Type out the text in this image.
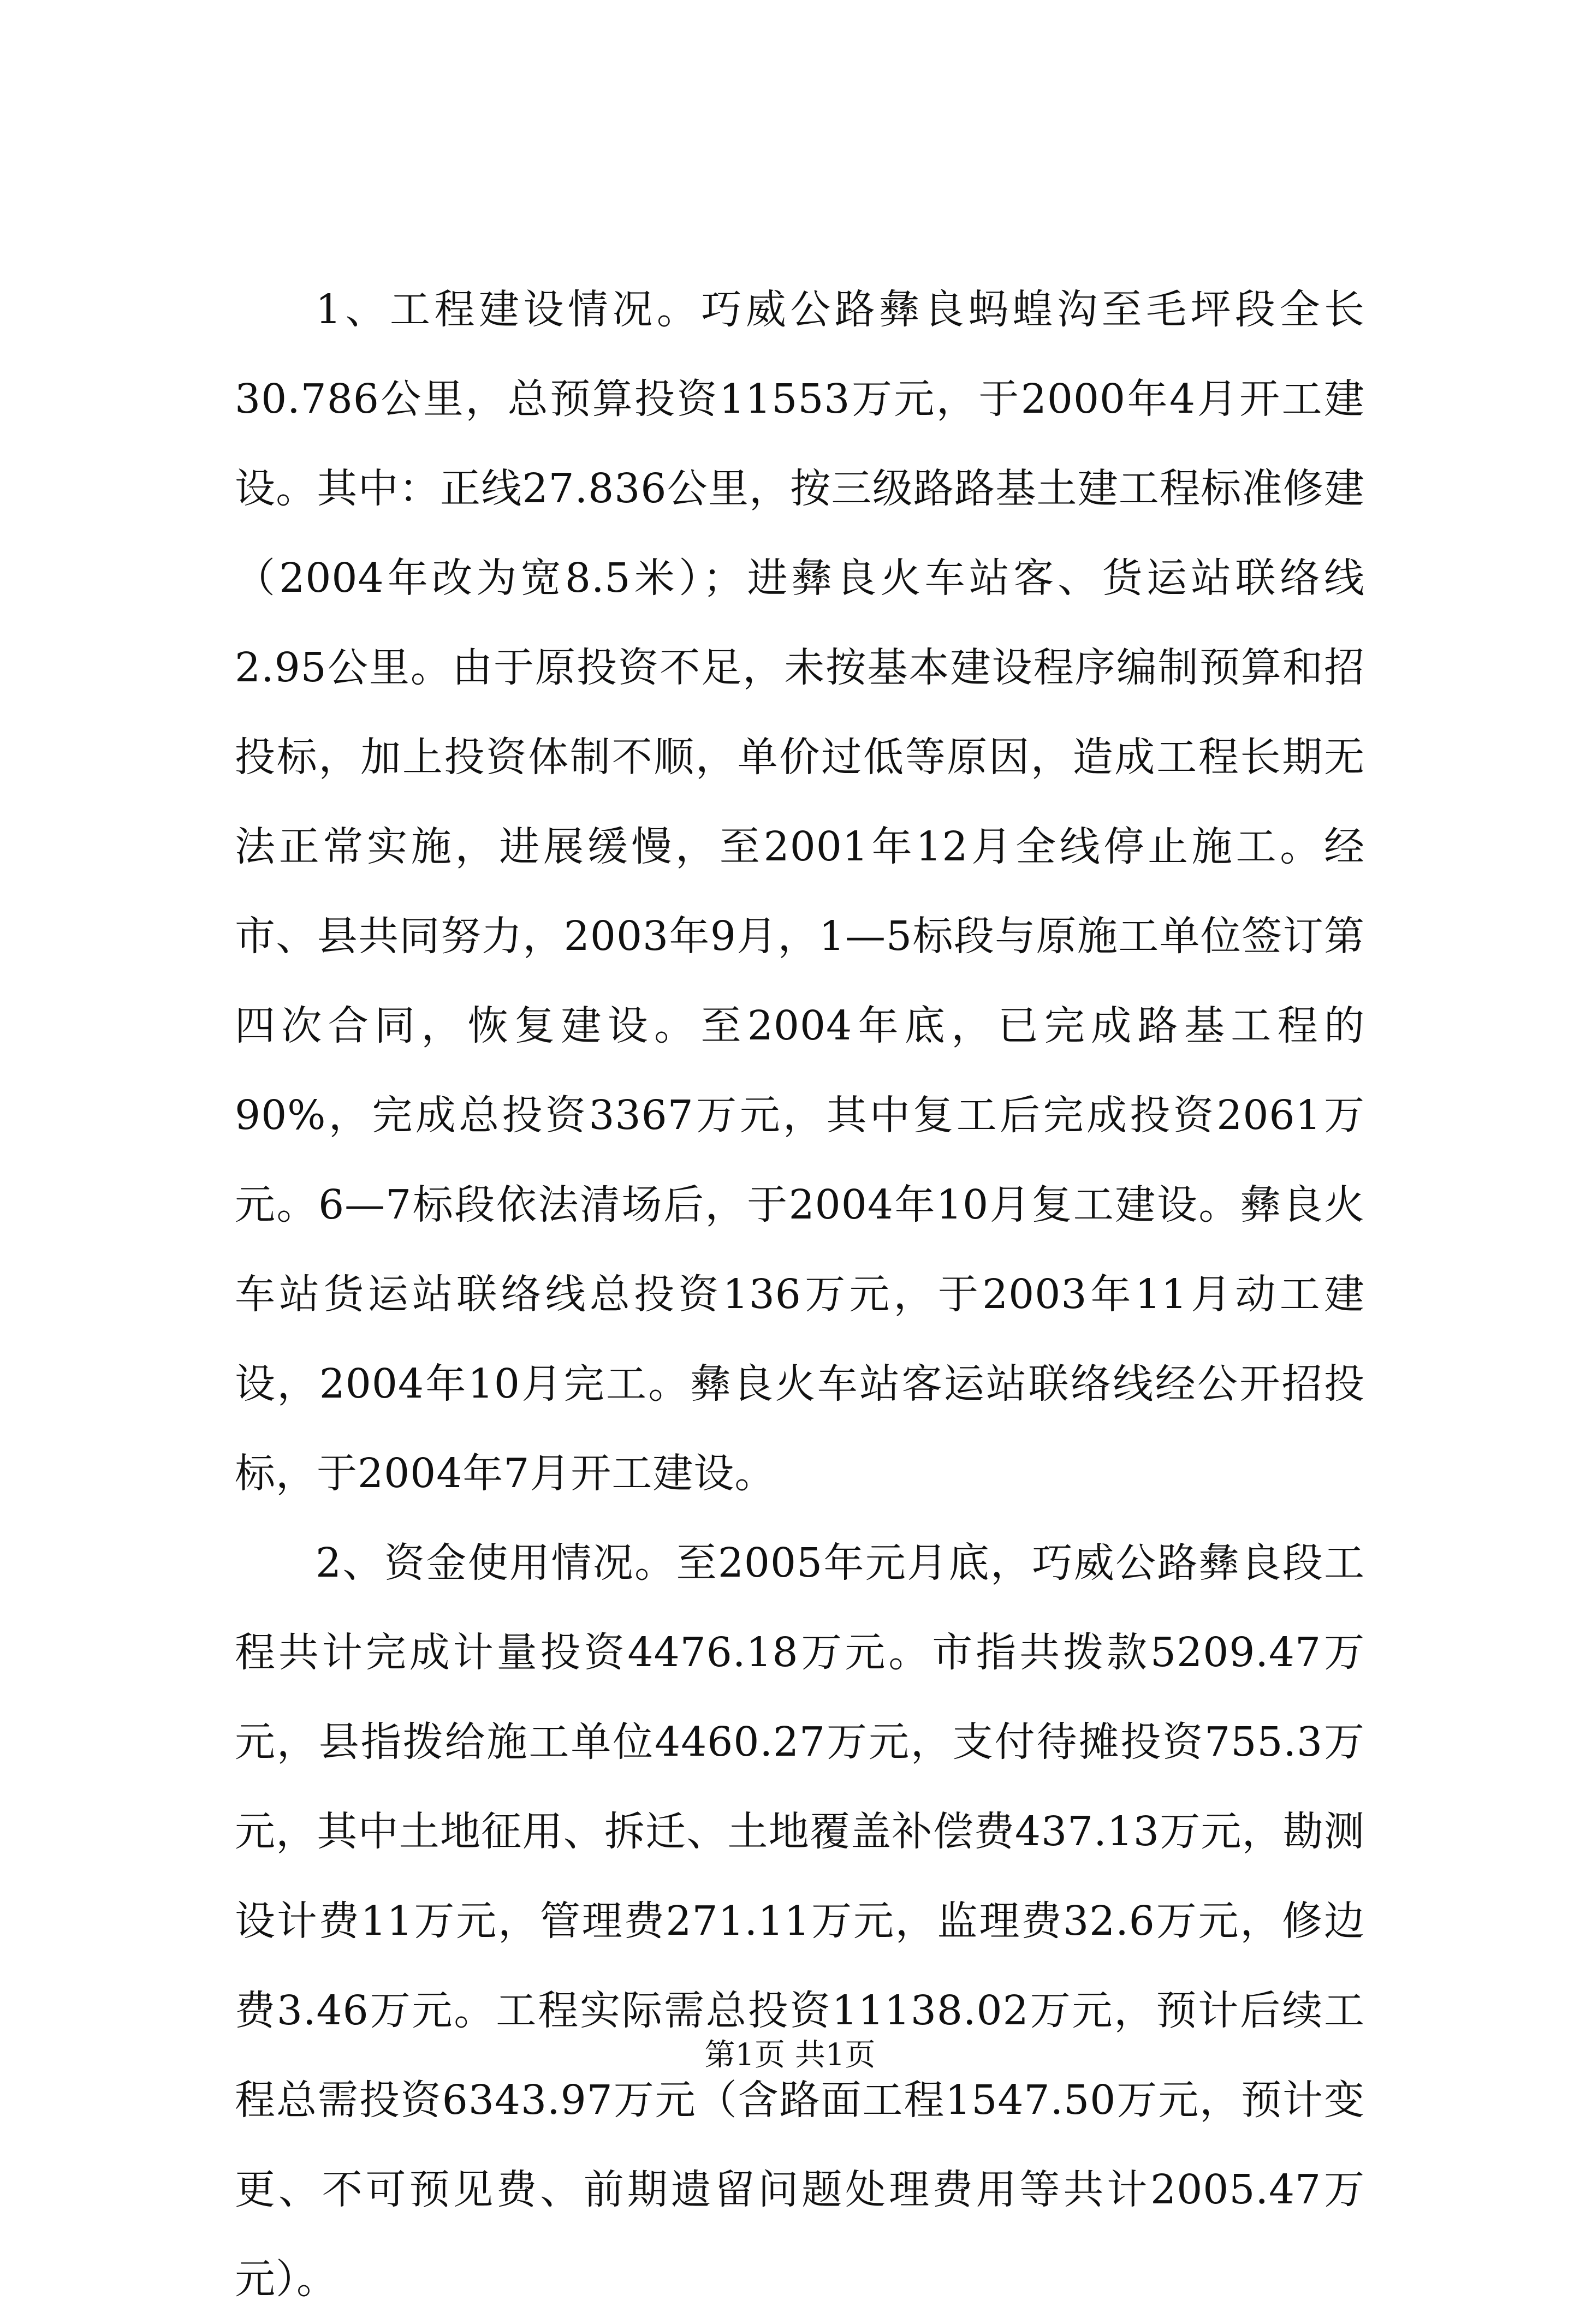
1、工程建设情况。巧威公路彝良蚂蝗沟至毛坪段全长30.786公里，总预算投资11553万元，于2000年4月开工建设。其中：正线27.836公里，按三级路路基土建工程标准修建（2004年改为宽8.5米）；进彝良火车站客、货运站联络线2.95公里。由于原投资不足，未按基本建设程序编制预算和招投标，加上投资体制不顺，单价过低等原因，造成工程长期无法正常实施，进展缓慢，至2001年12月全线停止施工。经市、县共同努力，2003年9月，1—5标段与原施工单位签订第四次合同，恢复建设。至2004年底，已完成路基工程的90%，完成总投资3367万元，其中复工后完成投资2061万元。6—7标段依法清场后，于2004年10月复工建设。彝良火车站货运站联络线总投资136万元，于2003年11月动工建设，2004年10月完工。彝良火车站客运站联络线经公开招投标，于2004年7月开工建设。

2、资金使用情况。至2005年元月底，巧威公路彝良段工程共计完成计量投资4476.18万元。市指共拨款5209.47万元，县指拨给施工单位4460.27万元，支付待摊投资755.3万元，其中土地征用、拆迁、土地覆盖补偿费437.13万元，勘测设计费11万元，管理费271.11万元，监理费32.6万元，修边费3.46万元。工程实际需总投资11138.02万元，预计后续工程总需投资6343.97万元（含路面工程1547.50万元，预计变更、不可预见费、前期遗留问题处理费用等共计2005.47万元）。

第1页 共1页
